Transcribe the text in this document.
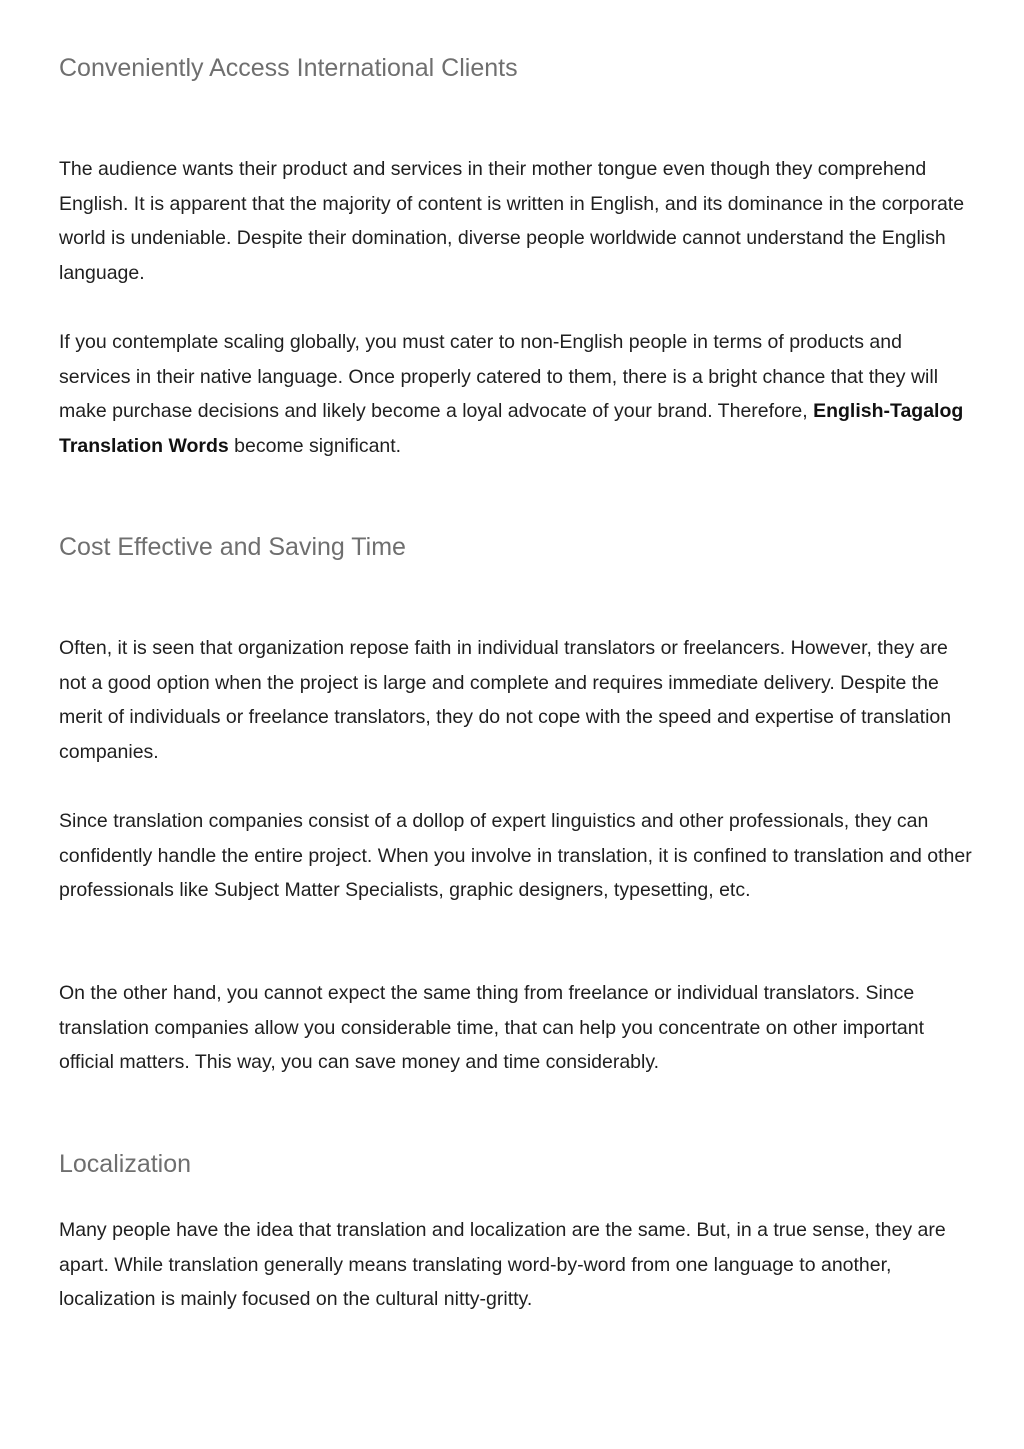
Conveniently Access International Clients

The audience wants their product and services in their mother tongue even though they comprehend English. It is apparent that the majority of content is written in English, and its dominance in the corporate world is undeniable. Despite their domination, diverse people worldwide cannot understand the English language.

If you contemplate scaling globally, you must cater to non-English people in terms of products and services in their native language. Once properly catered to them, there is a bright chance that they will make purchase decisions and likely become a loyal advocate of your brand. Therefore, English-Tagalog Translation Words become significant.

Cost Effective and Saving Time

Often, it is seen that organization repose faith in individual translators or freelancers. However, they are not a good option when the project is large and complete and requires immediate delivery. Despite the merit of individuals or freelance translators, they do not cope with the speed and expertise of translation companies.

Since translation companies consist of a dollop of expert linguistics and other professionals, they can confidently handle the entire project. When you involve in translation, it is confined to translation and other professionals like Subject Matter Specialists, graphic designers, typesetting, etc.

On the other hand, you cannot expect the same thing from freelance or individual translators. Since translation companies allow you considerable time, that can help you concentrate on other important official matters. This way, you can save money and time considerably.

Localization

Many people have the idea that translation and localization are the same. But, in a true sense, they are apart. While translation generally means translating word-by-word from one language to another, localization is mainly focused on the cultural nitty-gritty.
